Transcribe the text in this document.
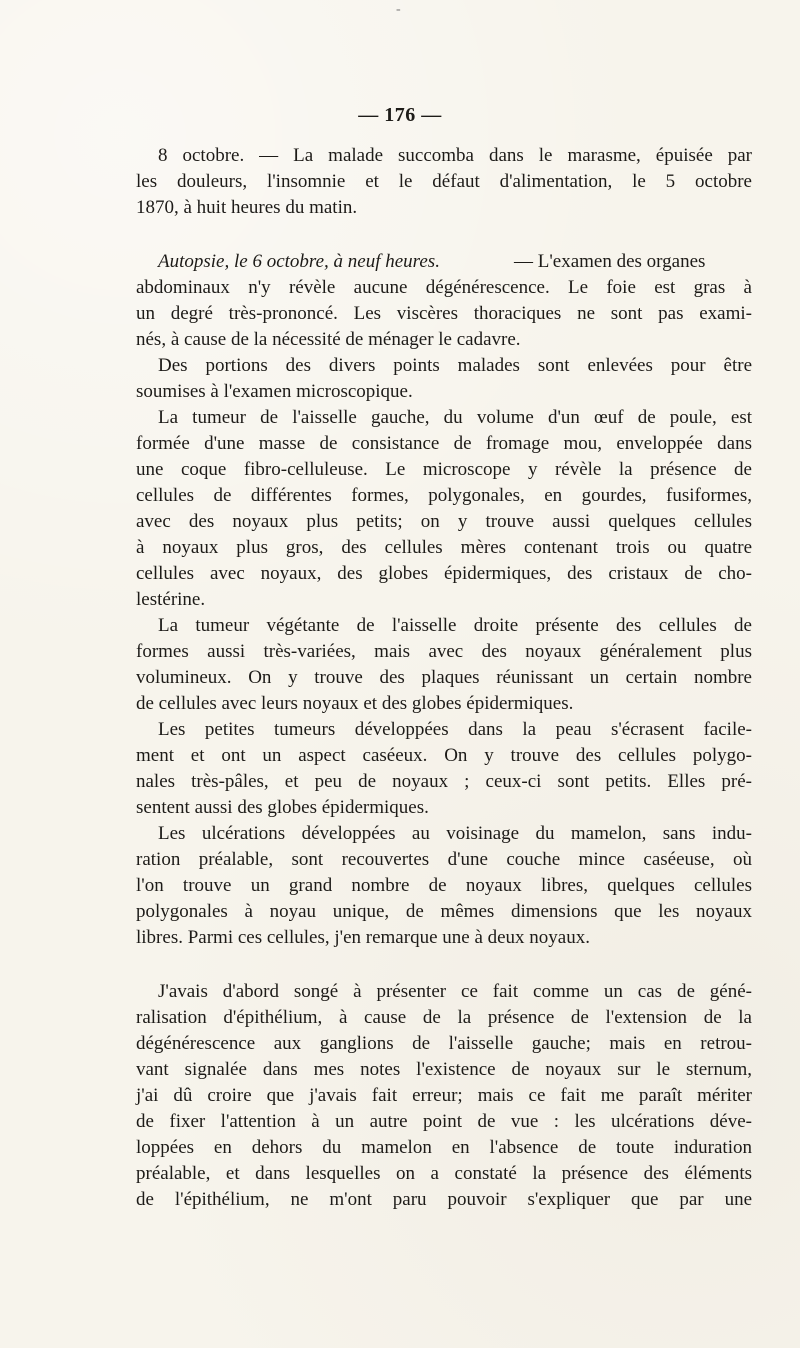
-
— 176 —
8 octobre. — La malade succomba dans le marasme, épuisée par
les douleurs, l'insomnie et le défaut d'alimentation, le 5 octobre
1870, à huit heures du matin.
Autopsie, le 6 octobre, à neuf heures.	— L'examen des organes
abdominaux n'y révèle aucune dégénérescence. Le foie est gras à
un degré très-prononcé. Les viscères thoraciques ne sont pas exami-
nés, à cause de la nécessité de ménager le cadavre.
Des portions des divers points malades sont enlevées pour être
soumises à l'examen microscopique.
La tumeur de l'aisselle gauche, du volume d'un œuf de poule, est
formée d'une masse de consistance de fromage mou, enveloppée dans
une coque fibro-celluleuse. Le microscope y révèle la présence de
cellules de différentes formes, polygonales, en gourdes, fusiformes,
avec des noyaux plus petits; on y trouve aussi quelques cellules
à noyaux plus gros, des cellules mères contenant trois ou quatre
cellules avec noyaux, des globes épidermiques, des cristaux de cho-
lestérine.
La tumeur végétante de l'aisselle droite présente des cellules de
formes aussi très-variées, mais avec des noyaux généralement plus
volumineux. On y trouve des plaques réunissant un certain nombre
de cellules avec leurs noyaux et des globes épidermiques.
Les petites tumeurs développées dans la peau s'écrasent facile-
ment et ont un aspect caséeux. On y trouve des cellules polygo-
nales très-pâles, et peu de noyaux ; ceux-ci sont petits. Elles pré-
sentent aussi des globes épidermiques.
Les ulcérations développées au voisinage du mamelon, sans indu-
ration préalable, sont recouvertes d'une couche mince caséeuse, où
l'on trouve un grand nombre de noyaux libres, quelques cellules
polygonales à noyau unique, de mêmes dimensions que les noyaux
libres. Parmi ces cellules, j'en remarque une à deux noyaux.
J'avais d'abord songé à présenter ce fait comme un cas de géné-
ralisation d'épithélium, à cause de la présence de l'extension de la
dégénérescence aux ganglions de l'aisselle gauche; mais en retrou-
vant signalée dans mes notes l'existence de noyaux sur le sternum,
j'ai dû croire que j'avais fait erreur; mais ce fait me paraît mériter
de fixer l'attention à un autre point de vue : les ulcérations déve-
loppées en dehors du mamelon en l'absence de toute induration
préalable, et dans lesquelles on a constaté la présence des éléments
de l'épithélium, ne m'ont paru pouvoir s'expliquer que par une
